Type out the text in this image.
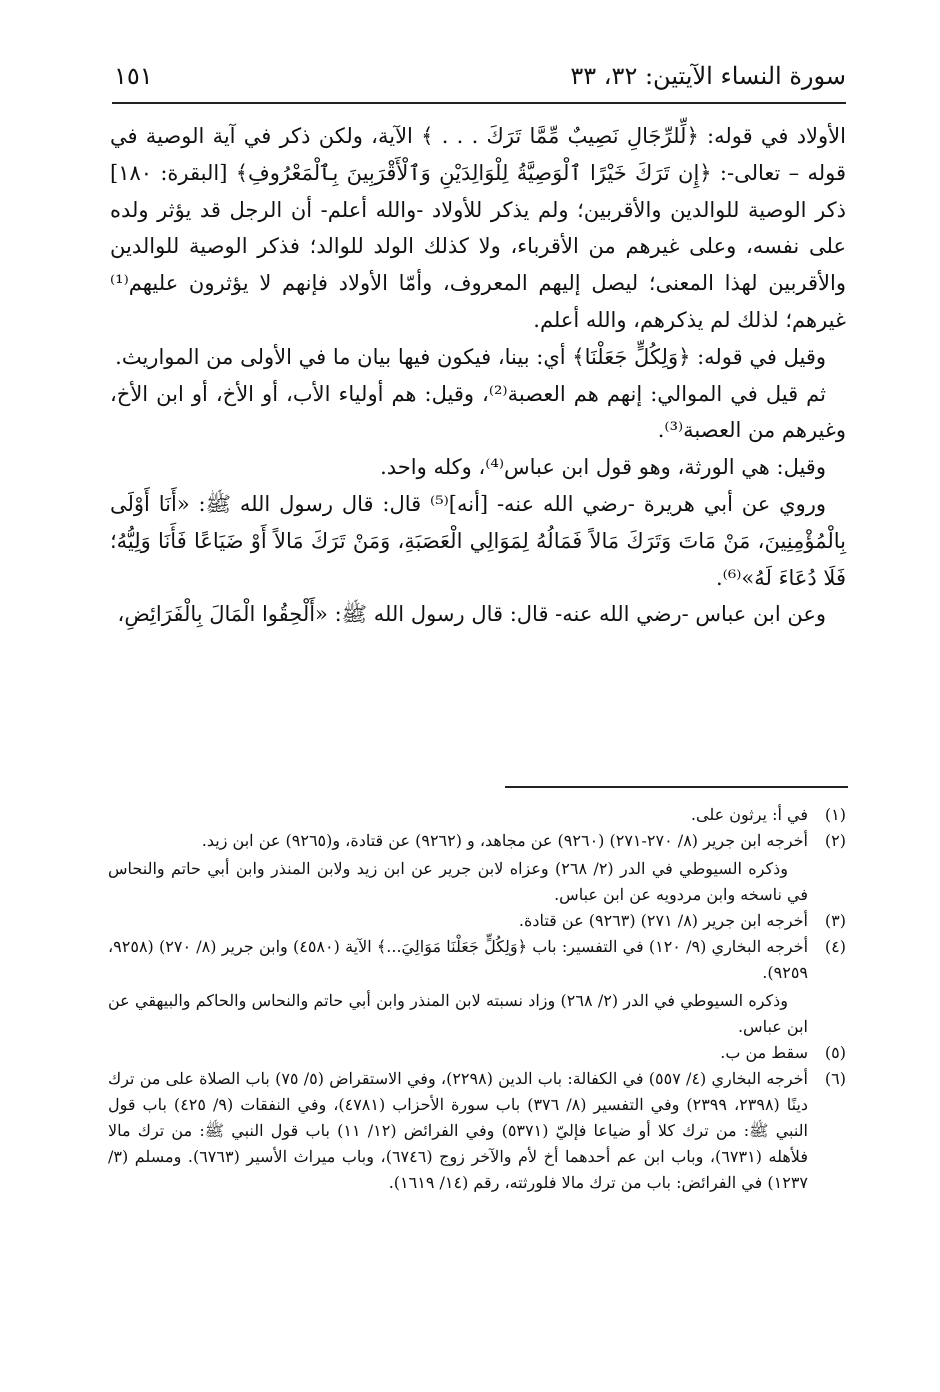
سورة النساء الآيتين: ٣٢، ٣٣
١٥١

الأولاد في قوله: ﴿لِّلرِّجَالِ نَصِيبٌ مِّمَّا تَرَكَ . . . ﴾ الآية، ولكن ذكر في آية الوصية في قوله – تعالى-: ﴿إِن تَرَكَ خَيْرًا ٱلْوَصِيَّةُ لِلْوَالِدَيْنِ وَٱلْأَقْرَبِينَ بِٱلْمَعْرُوفِ﴾ [البقرة: ١٨٠] ذكر الوصية للوالدين والأقربين؛ ولم يذكر للأولاد -والله أعلم- أن الرجل قد يؤثر ولده على نفسه، وعلى غيرهم من الأقرباء، ولا كذلك الولد للوالد؛ فذكر الوصية للوالدين والأقربين لهذا المعنى؛ ليصل إليهم المعروف، وأمّا الأولاد فإنهم لا يؤثرون عليهم⁽¹⁾ غيرهم؛ لذلك لم يذكرهم، والله أعلم.

وقيل في قوله: ﴿وَلِكُلٍّ جَعَلْنَا﴾ أي: بينا، فيكون فيها بيان ما في الأولى من المواريث.

ثم قيل في الموالي: إنهم هم العصبة⁽²⁾، وقيل: هم أولياء الأب، أو الأخ، أو ابن الأخ، وغيرهم من العصبة⁽³⁾.

وقيل: هي الورثة، وهو قول ابن عباس⁽⁴⁾، وكله واحد.

وروي عن أبي هريرة -رضي الله عنه- [أنه]⁽⁵⁾ قال: قال رسول الله ﷺ: «أَنَا أَوْلَى بِالْمُؤْمِنِينَ، مَنْ مَاتَ وَتَرَكَ مَالاً فَمَالُهُ لِمَوَالِي الْعَصَبَةِ، وَمَنْ تَرَكَ مَالاً أَوْ ضَيَاعًا فَأَنَا وَلِيُّهُ؛ فَلَا دُعَاءَ لَهُ»⁽⁶⁾.

وعن ابن عباس -رضي الله عنه- قال: قال رسول الله ﷺ: «أَلْحِقُوا الْمَالَ بِالْفَرَائِضِ،

(١)

في أ: يرثون على.

(٢)

أخرجه ابن جرير (٨/ ٢٧٠-٢٧١) (٩٢٦٠) عن مجاهد، و (٩٢٦٢) عن قتادة، و(٩٢٦٥) عن ابن زيد.

وذكره السيوطي في الدر (٢/ ٢٦٨) وعزاه لابن جرير عن ابن زيد ولابن المنذر وابن أبي حاتم والنحاس في ناسخه وابن مردويه عن ابن عباس.

(٣)

أخرجه ابن جرير (٨/ ٢٧١) (٩٢٦٣) عن قتادة.

(٤)

أخرجه البخاري (٩/ ١٢٠) في التفسير: باب ﴿وَلِكُلٍّ جَعَلْنَا مَوَالِيَ...﴾ الآية (٤٥٨٠) وابن جرير (٨/ ٢٧٠) (٩٢٥٨، ٩٢٥٩).

وذكره السيوطي في الدر (٢/ ٢٦٨) وزاد نسبته لابن المنذر وابن أبي حاتم والنحاس والحاكم والبيهقي عن ابن عباس.

(٥)

سقط من ب.

(٦)

أخرجه البخاري (٤/ ٥٥٧) في الكفالة: باب الدين (٢٢٩٨)، وفي الاستقراض (٥/ ٧٥) باب الصلاة على من ترك دينًا (٢٣٩٨، ٢٣٩٩) وفي التفسير (٨/ ٣٧٦) باب سورة الأحزاب (٤٧٨١)، وفي النفقات (٩/ ٤٢٥) باب قول النبي ﷺ: من ترك كلا أو ضياعا فإليّ (٥٣٧١) وفي الفرائض (١٢/ ١١) باب قول النبي ﷺ: من ترك مالا فلأهله (٦٧٣١)، وباب ابن عم أحدهما أخ لأم والآخر زوج (٦٧٤٦)، وباب ميراث الأسير (٦٧٦٣). ومسلم (٣/ ١٢٣٧) في الفرائض: باب من ترك مالا فلورثته، رقم (١٤/ ١٦١٩).
